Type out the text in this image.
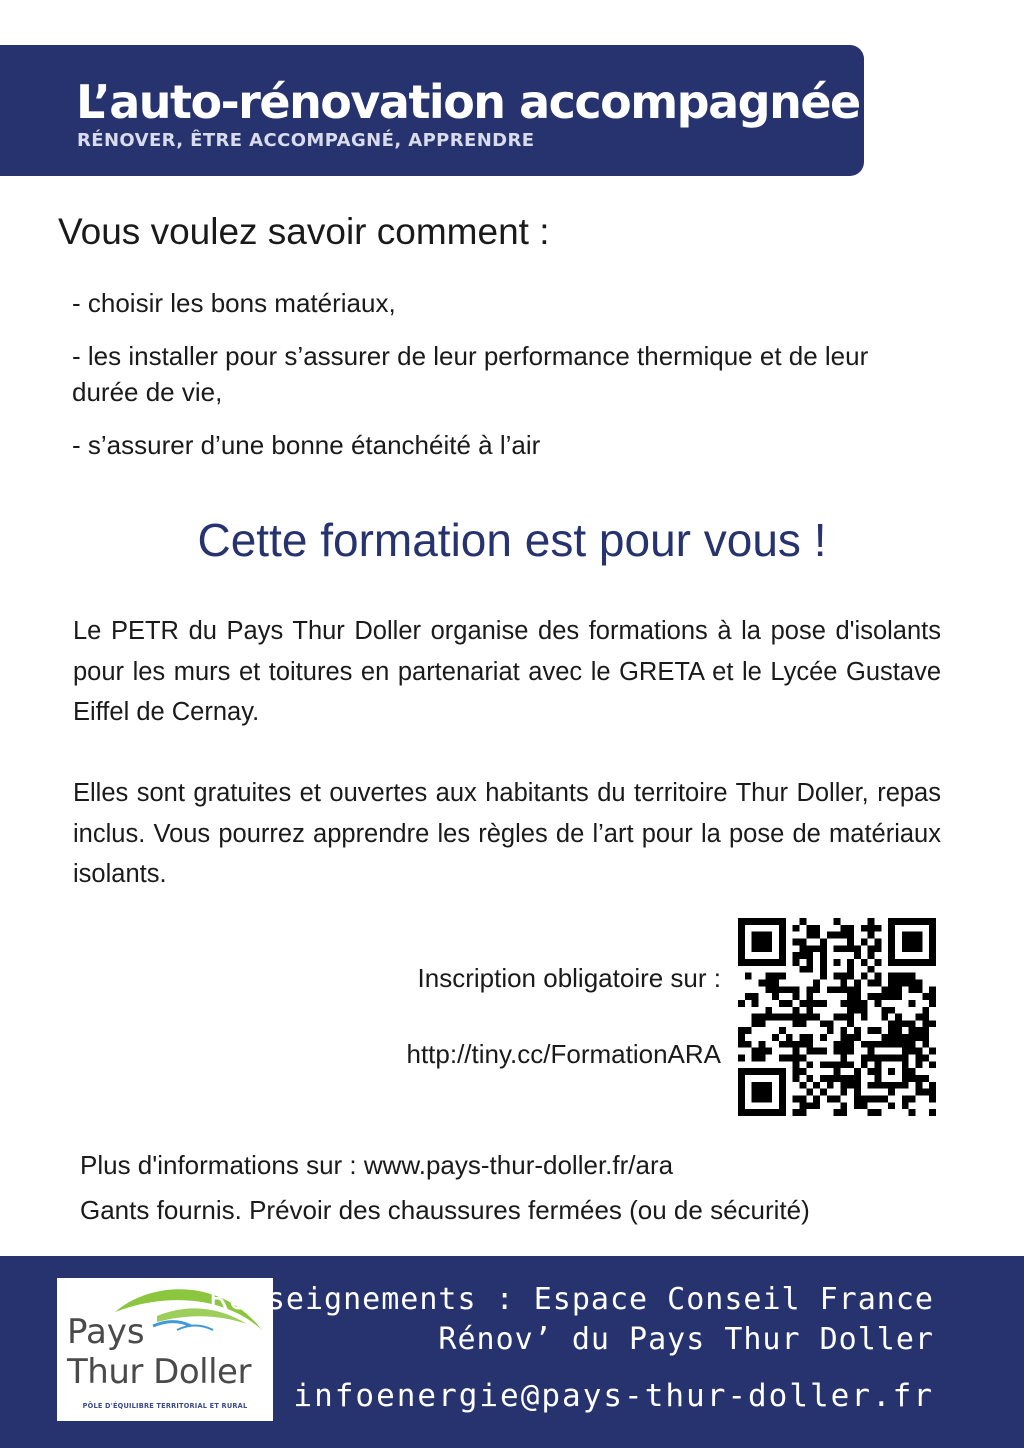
L’auto-rénovation accompagnée
RÉNOVER, ÊTRE ACCOMPAGNÉ, APPRENDRE
Vous voulez savoir comment :
- choisir les bons matériaux,
- les installer pour s’assurer de leur performance thermique et de leur durée de vie,
- s’assurer d’une bonne étanchéité à l’air
Cette formation est pour vous !

Le PETR du Pays Thur Doller organise des formations à la pose d'isolants pour les murs et toitures en partenariat avec le GRETA et le Lycée Gustave Eiffel de Cernay.

Elles sont gratuites et ouvertes aux habitants du territoire Thur Doller, repas inclus. Vous pourrez apprendre les règles de l’art pour la pose de matériaux isolants.

Inscription obligatoire sur :
http://tiny.cc/FormationARA
Plus d'informations sur : www.pays-thur-doller.fr/ara
Gants fournis. Prévoir des chaussures fermées (ou de sécurité)
Pays
Thur Doller
PÔLE D'ÉQUILIBRE TERRITORIAL ET RURAL
Renseignements : Espace Conseil France
Rénov’ du Pays Thur Doller
infoenergie@pays-thur-doller.fr
